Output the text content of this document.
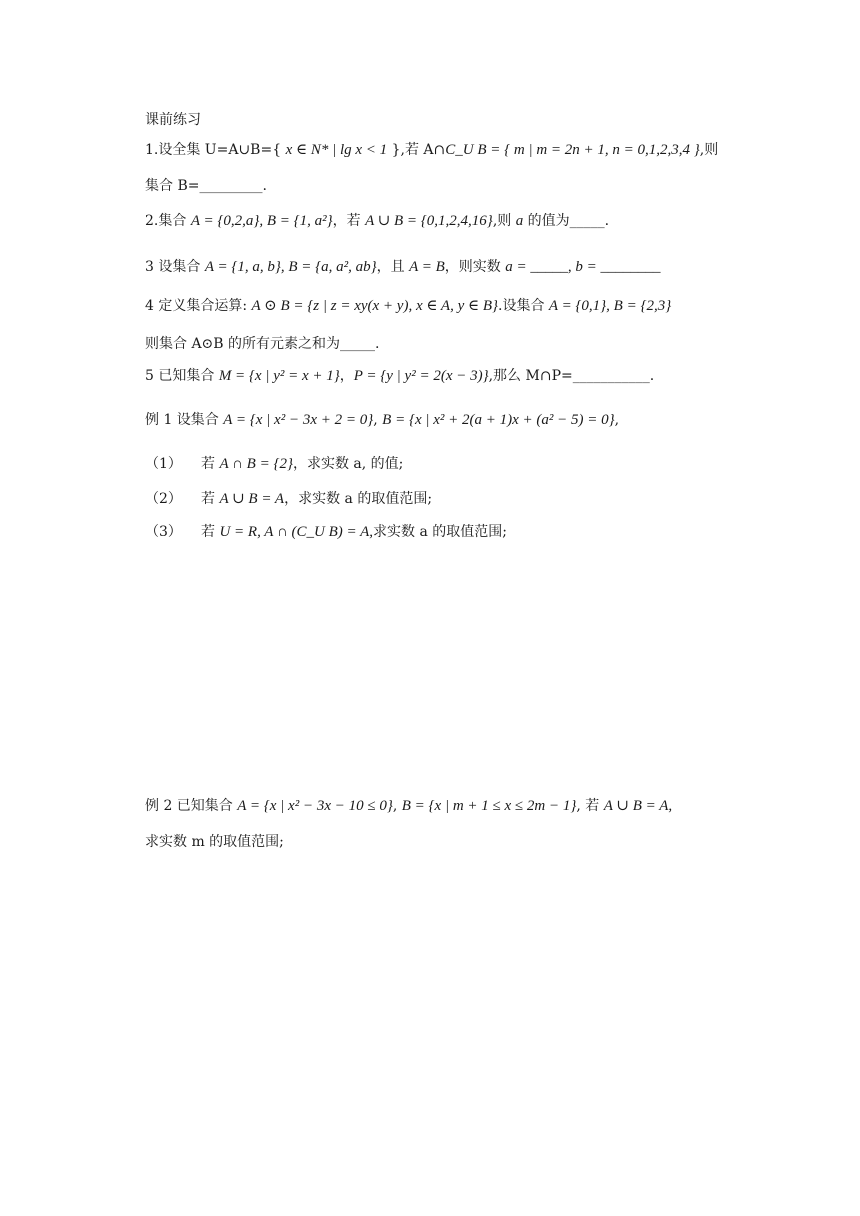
课前练习
1.设全集 U=A∪B={ x ∈ N* | lg x < 1 },若 A∩C_U B = { m | m = 2n + 1, n = 0,1,2,3,4 },则
集合 B=_________.
2.集合 A = {0,2,a}, B = {1, a²}，若 A ∪ B = {0,1,2,4,16},则 a 的值为_____.
3 设集合 A = {1, a, b}, B = {a, a², ab}，且 A = B，则实数 a = _____, b = ________
4 定义集合运算: A ⊙ B = {z | z = xy(x + y), x ∈ A, y ∈ B}.设集合 A = {0,1}, B = {2,3}
则集合 A⊙B 的所有元素之和为_____.
5 已知集合 M = {x | y² = x + 1}，P = {y | y² = 2(x − 3)},那么 M∩P=___________.
例 1 设集合 A = {x | x² − 3x + 2 = 0}, B = {x | x² + 2(a + 1)x + (a² − 5) = 0},
（1） 若 A ∩ B = {2}，求实数 a, 的值;
（2） 若 A ∪ B = A，求实数 a 的取值范围;
（3） 若 U = R, A ∩ (C_U B) = A,求实数 a 的取值范围;
例 2 已知集合 A = {x | x² − 3x − 10 ≤ 0}, B = {x | m + 1 ≤ x ≤ 2m − 1}, 若 A ∪ B = A,
求实数 m 的取值范围;
